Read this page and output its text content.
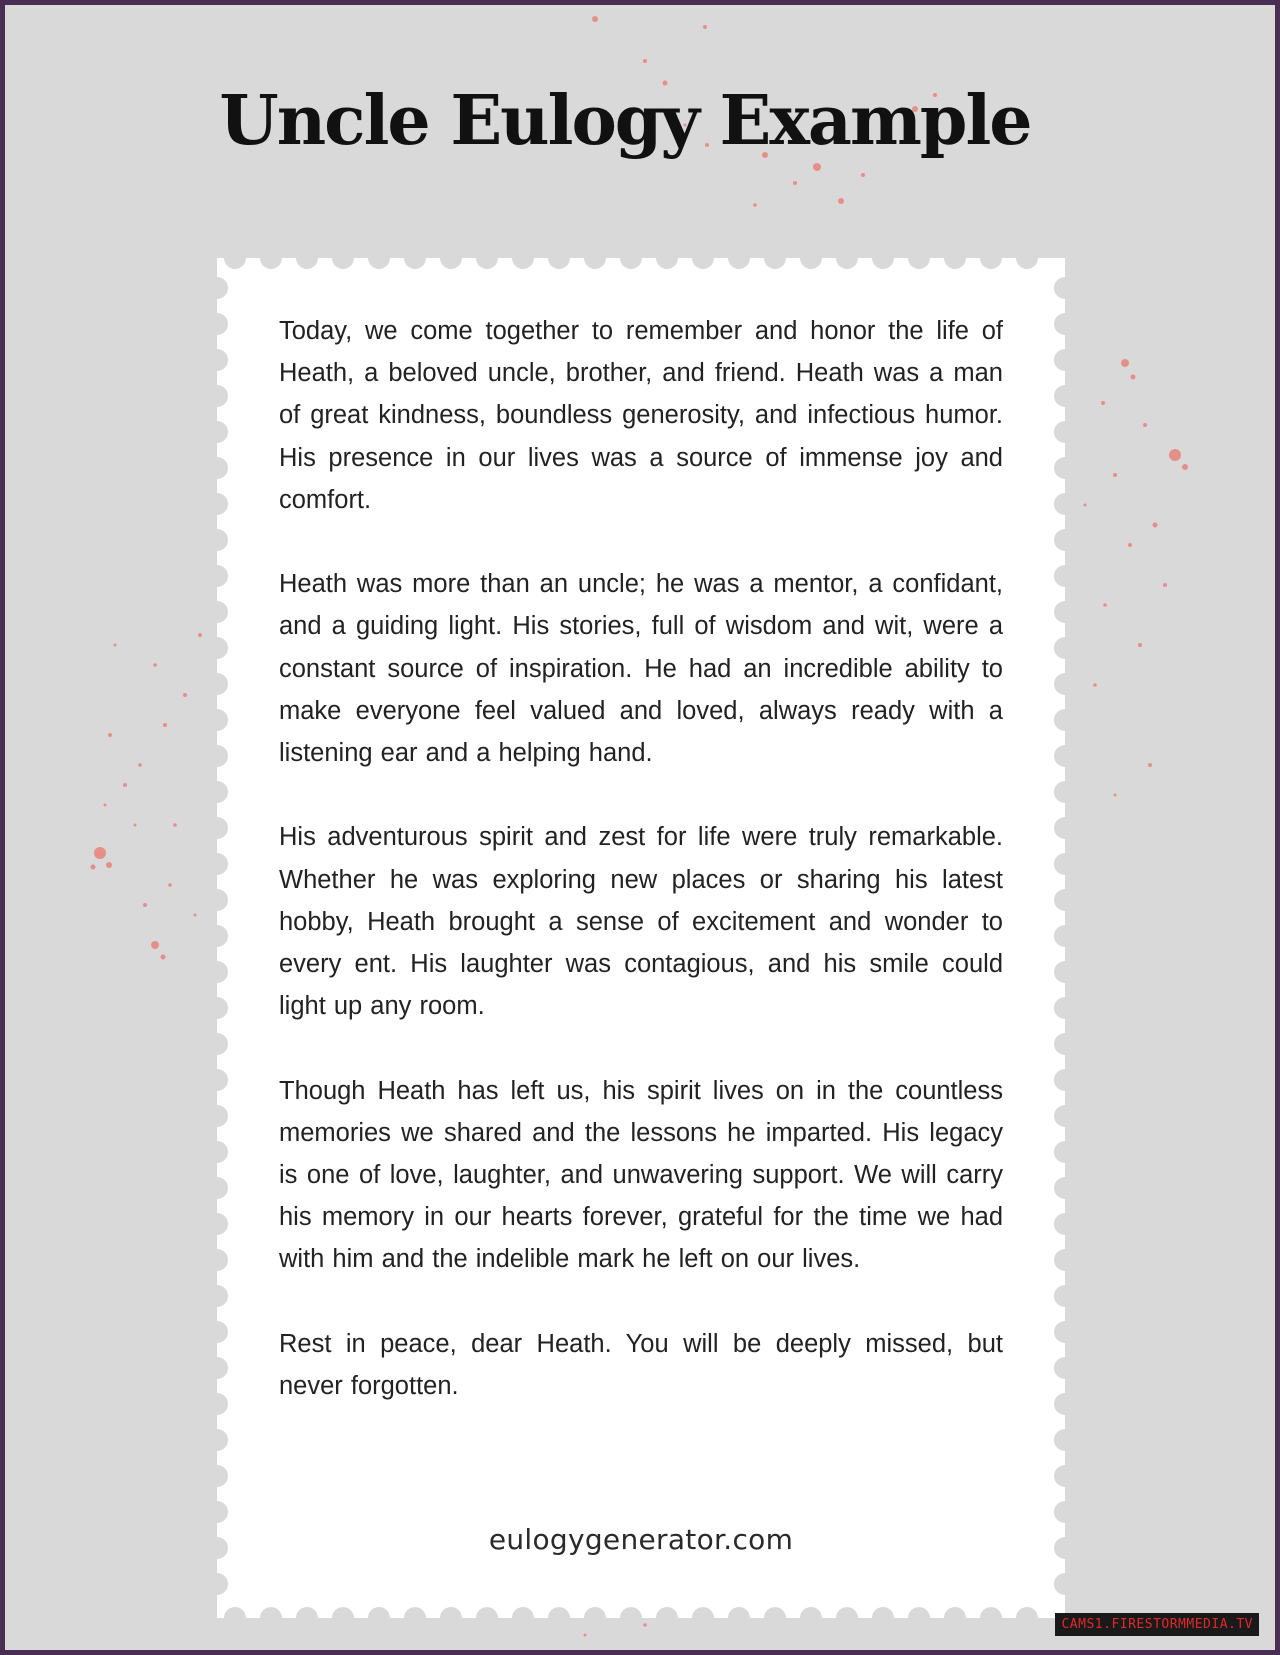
Uncle Eulogy Example

Today, we come together to remember and honor the life of Heath, a beloved uncle, brother, and friend. Heath was a man of great kindness, boundless generosity, and infectious humor. His presence in our lives was a source of immense joy and comfort.

Heath was more than an uncle; he was a mentor, a confidant, and a guiding light. His stories, full of wisdom and wit, were a constant source of inspiration. He had an incredible ability to make everyone feel valued and loved, always ready with a listening ear and a helping hand.

His adventurous spirit and zest for life were truly remarkable. Whether he was exploring new places or sharing his latest hobby, Heath brought a sense of excitement and wonder to every ent. His laughter was contagious, and his smile could light up any room.

Though Heath has left us, his spirit lives on in the countless memories we shared and the lessons he imparted. His legacy is one of love, laughter, and unwavering support. We will carry his memory in our hearts forever, grateful for the time we had with him and the indelible mark he left on our lives.

Rest in peace, dear Heath. You will be deeply missed, but never forgotten.

eulogygenerator.com
CAMS1.FIRESTORMMEDIA.TV
